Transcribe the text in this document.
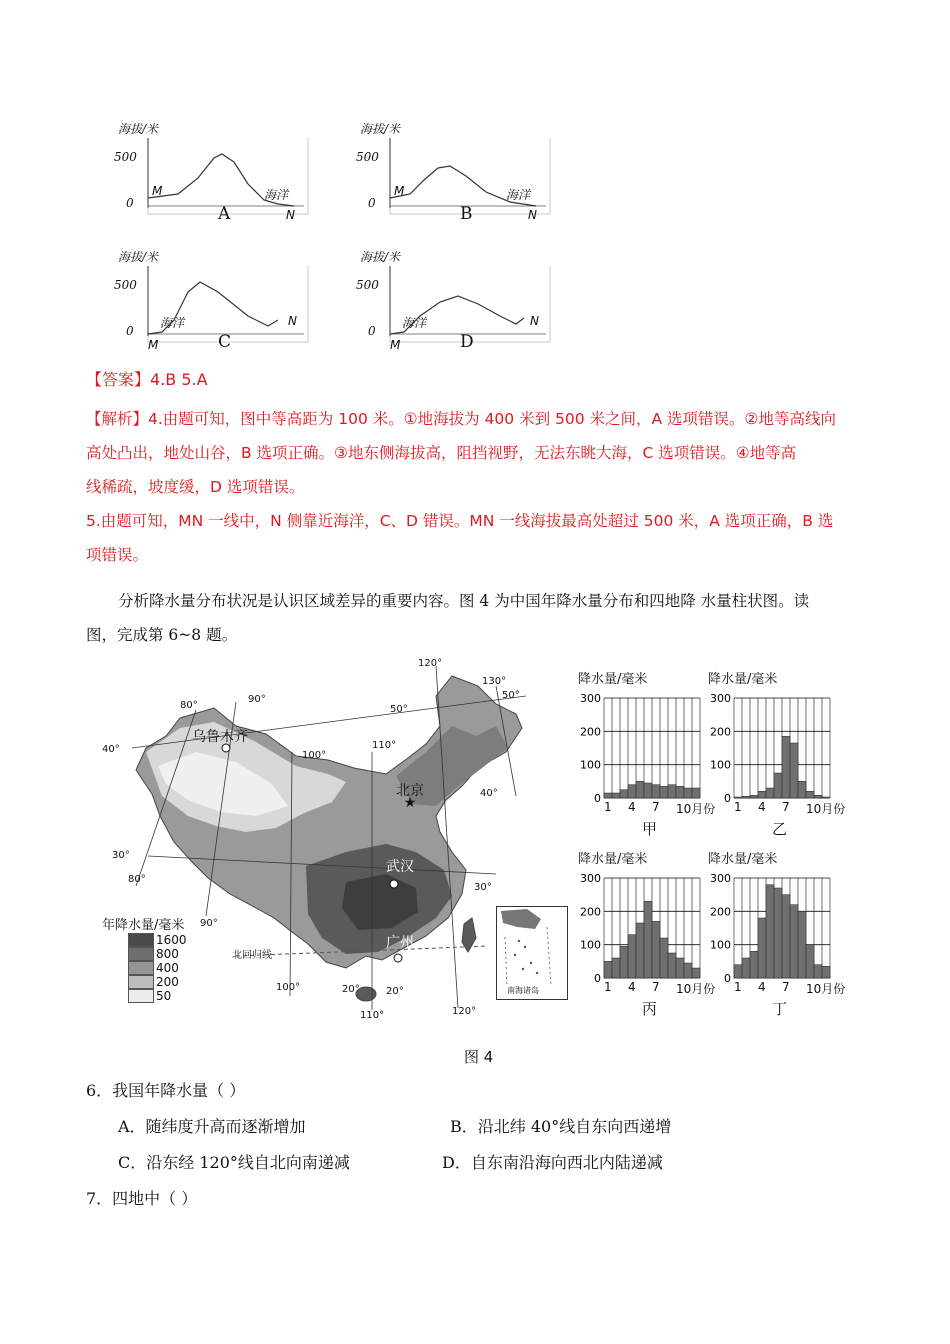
海拔/米
500
0
A
M	海洋
N
海拔/米
500
0
B
M	海洋
N
海拔/米
500
0
C
M
海洋	N
海拔/米
500
0
D
M
海洋	N
【答案】4.B 5.A
【解析】4.由题可知，图中等高距为 100 米。①地海拔为 400 米到 500 米之间，A 选项错误。②地等高线向
高处凸出，地处山谷，B 选项正确。③地东侧海拔高，阻挡视野，无法东眺大海，C 选项错误。④地等高
线稀疏，坡度缓，D 选项错误。
5.由题可知，MN 一线中，N 侧靠近海洋，C、D 错误。MN 一线海拔最高处超过 500 米，A 选项正确，B 选
项错误。
分析降水量分布状况是认识区域差异的重要内容。图 4 为中国年降水量分布和四地降 水量柱状图。读
图，完成第 6~8 题。
★
乌鲁木齐
北京
武汉
广州
北回归线
80°
90°
100°
110°
120°
130°
80°
90°
100°
110°	120°
40°
30°
50°
50°
40°
30°
20°	20°	南海诸岛
年降水量/毫米
1600
800
400
200
50
降水量/毫米
0
100
200
300
1 4 7 10月份
甲
降水量/毫米
0
100
200
300
1 4 7 10月份
乙
降水量/毫米
0
100
200
300
1 4 7 10月份
丙
降水量/毫米
0
100
200
300
1 4 7 10月份
丁
图 4
6．我国年降水量（ ）
A．随纬度升高而逐渐增加	B．沿北纬 40°线自东向西递增
C．沿东经 120°线自北向南递减	D．自东南沿海向西北内陆递减
7．四地中（ ）
